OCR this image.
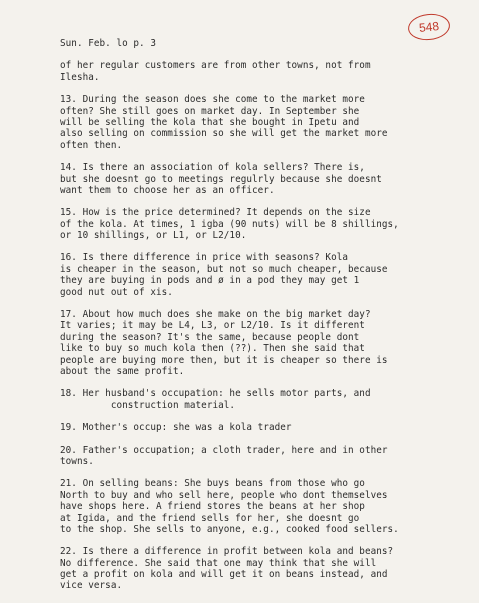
548
Sun. Feb. lo p. 3
of her regular customers are from other towns, not from
Ilesha.
13. During the season does she come to the market more
often? She still goes on market day. In September she
will be selling the kola that she bought in Ipetu and
also selling on commission so she will get the market more
often then.
14. Is there an association of kola sellers? There is,
but she doesnt go to meetings regulrly because she doesnt
want them to choose her as an officer.
15. How is the price determined? It depends on the size
of the kola. At times, 1 igba (90 nuts) will be 8 shillings,
or 10 shillings, or L1, or L2/10.
16. Is there difference in price with seasons? Kola
is cheaper in the season, but not so much cheaper, because
they are buying in pods and ø in a pod they may get 1
good nut out of xis.
17. About how much does she make on the big market day?
It varies; it may be L4, L3, or L2/10. Is it different
during the season? It's the same, because people dont
like to buy so much kola then (??). Then she said that
people are buying more then, but it is cheaper so there is
about the same profit.
18. Her husband's occupation: he sells motor parts, and
construction material.
19. Mother's occup: she was a kola trader
20. Father's occupation; a cloth trader, here and in other
towns.
21. On selling beans: She buys beans from those who go
North to buy and who sell here, people who dont themselves
have shops here. A friend stores the beans at her shop
at Igida, and the friend sells for her, she doesnt go
to the shop. She sells to anyone, e.g., cooked food sellers.
22. Is there a difference in profit between kola and beans?
No difference. She said that one may think that she will
get a profit on kola and will get it on beans instead, and
vice versa.
